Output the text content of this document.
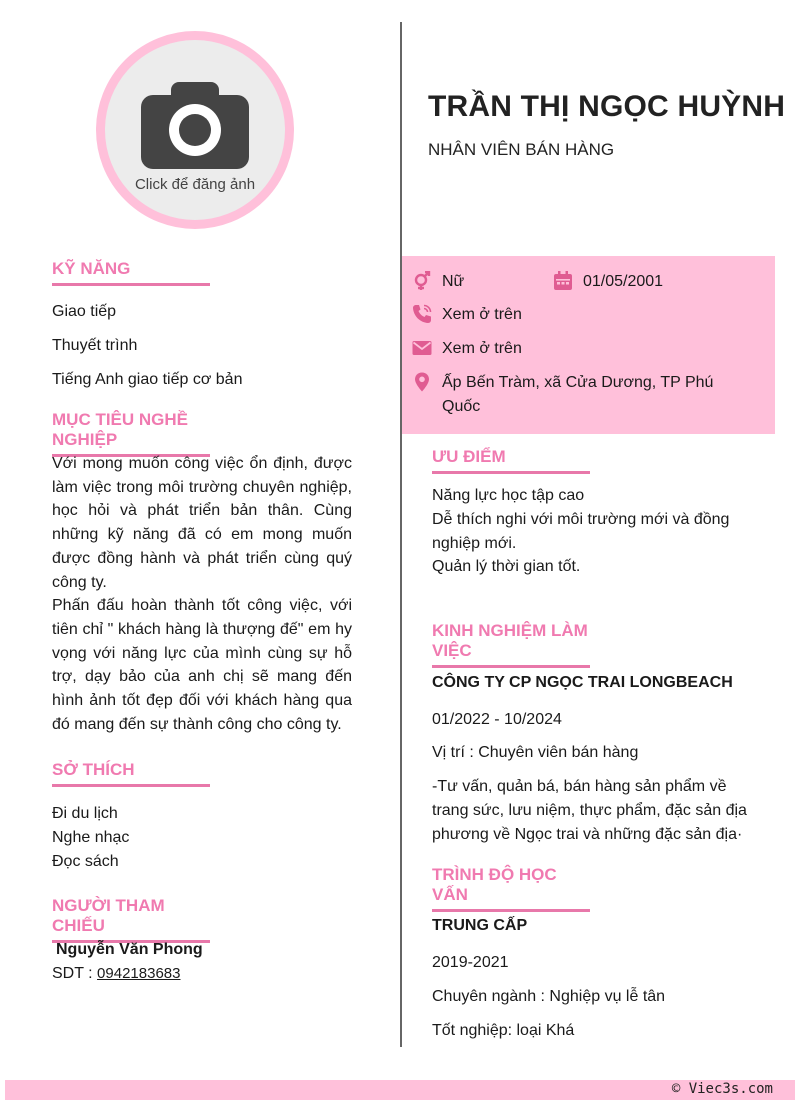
Click để đăng ảnh
TRẦN THỊ NGỌC HUỲNH
NHÂN VIÊN BÁN HÀNG
Nữ	01/05/2001
Xem ở trên
Xem ở trên
Ấp Bến Tràm, xã Cửa Dương, TP Phú
Quốc
KỸ NĂNG
Giao tiếp
Thuyết trình
Tiếng Anh giao tiếp cơ bản
MỤC TIÊU NGHỀ NGHIỆP

Với mong muốn công việc ổn định, được làm việc trong môi trường chuyên nghiệp, học hỏi và phát triển bản thân. Cùng những kỹ năng đã có em mong muốn được đồng hành và phát triển cùng quý công ty.

Phấn đấu hoàn thành tốt công việc, với tiên chỉ " khách hàng là thượng đế" em hy vọng với năng lực của mình cùng sự hỗ trợ, dạy bảo của anh chị sẽ mang đến hình ảnh tốt đẹp đối với khách hàng qua đó mang đến sự thành công cho công ty.

SỞ THÍCH
Đi du lịch
Nghe nhạc
Đọc sách
NGƯỜI THAM CHIẾU
Nguyễn Văn Phong
SDT : 0942183683
ƯU ĐIỂM
Năng lực học tập cao
Dễ thích nghi với môi trường mới và đồng
nghiệp mới.
Quản lý thời gian tốt.
KINH NGHIỆM LÀM VIỆC
CÔNG TY CP NGỌC TRAI LONGBEACH
01/2022 - 10/2024
Vị trí : Chuyên viên bán hàng
-Tư vấn, quản bá, bán hàng sản phẩm về
trang sức, lưu niệm, thực phẩm, đặc sản địa
phương về Ngọc trai và những đặc sản địa·
TRÌNH ĐỘ HỌC VẤN
TRUNG CẤP
2019-2021
Chuyên ngành : Nghiệp vụ lễ tân
Tốt nghiệp: loại Khá
© Viec3s.com
